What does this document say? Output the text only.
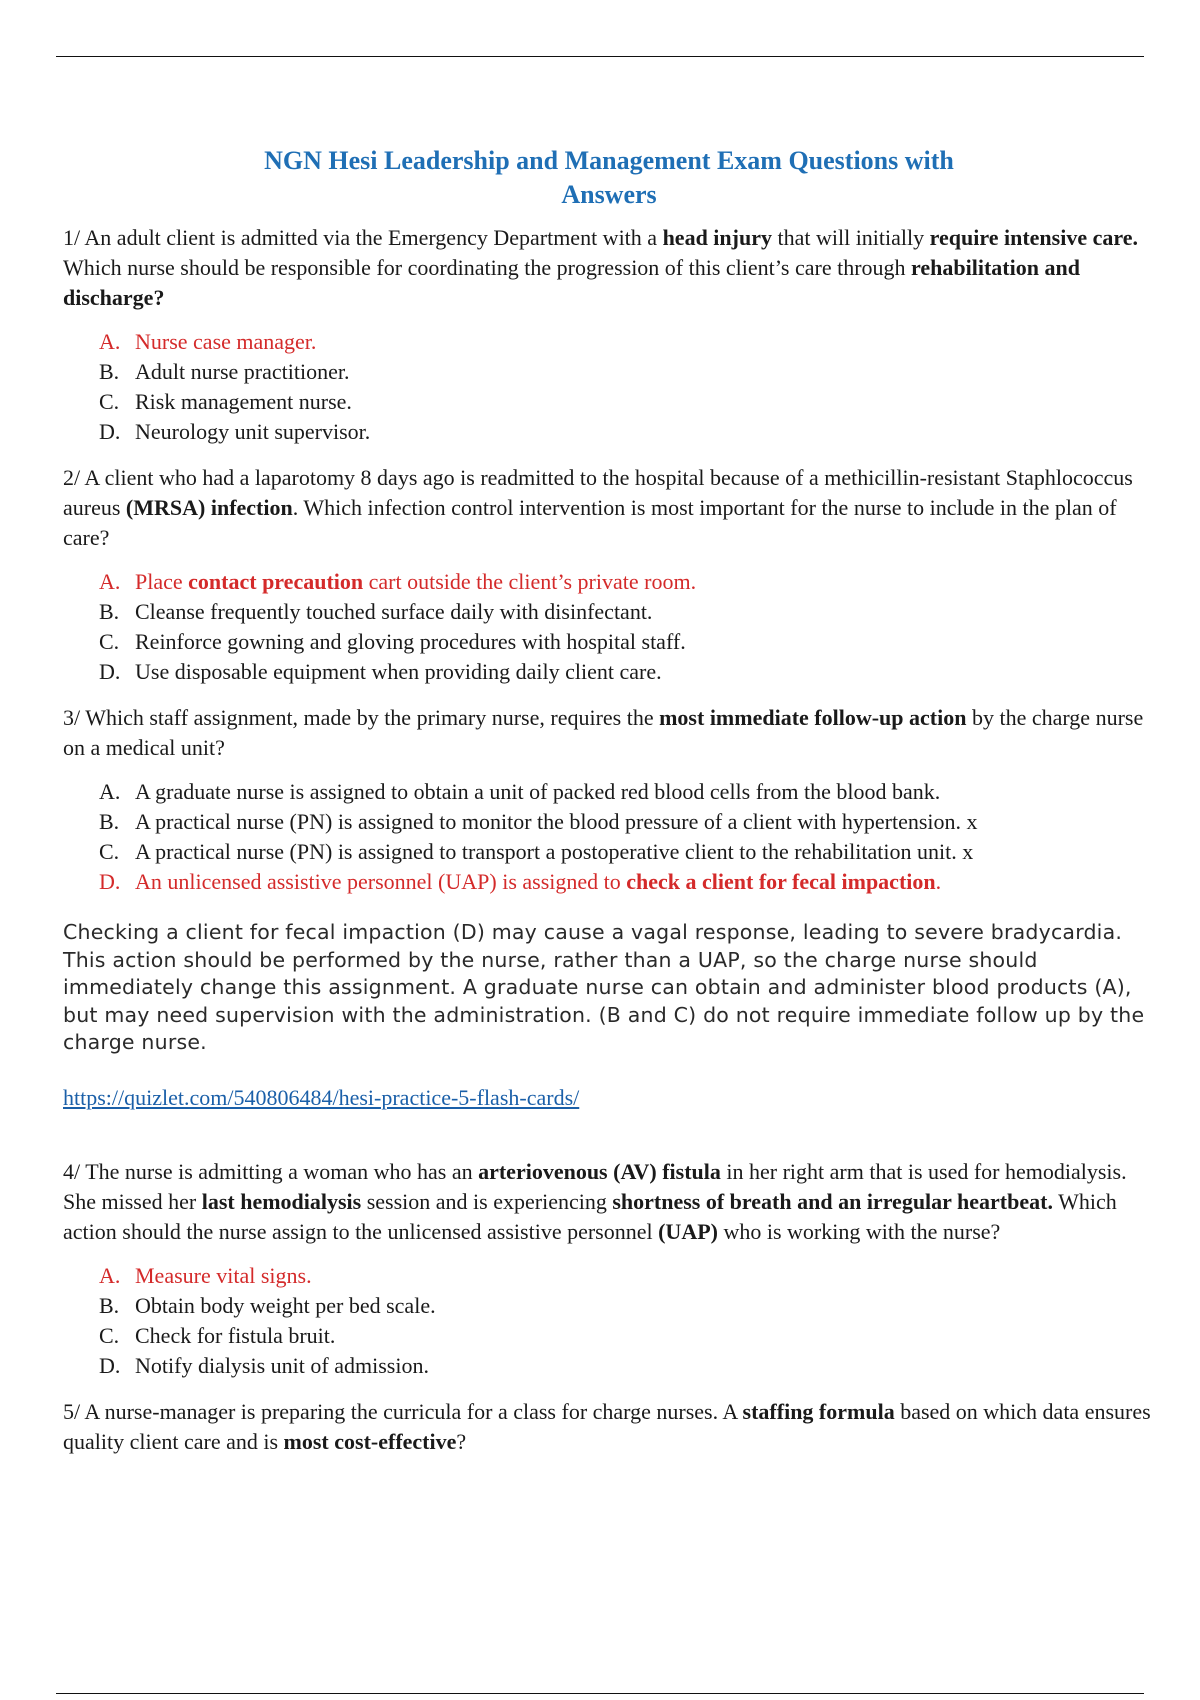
NGN Hesi Leadership and Management Exam Questions with
Answers

1/ An adult client is admitted via the Emergency Department with a head injury that will initially require intensive care. Which nurse should be responsible for coordinating the progression of this client’s care through rehabilitation and discharge?

A. Nurse case manager.
B. Adult nurse practitioner.
C. Risk management nurse.
D. Neurology unit supervisor.

2/ A client who had a laparotomy 8 days ago is readmitted to the hospital because of a methicillin-resistant Staphlococcus aureus (MRSA) infection. Which infection control intervention is most important for the nurse to include in the plan of care?

A. Place contact precaution cart outside the client’s private room.
B. Cleanse frequently touched surface daily with disinfectant.
C. Reinforce gowning and gloving procedures with hospital staff.
D. Use disposable equipment when providing daily client care.

3/ Which staff assignment, made by the primary nurse, requires the most immediate follow-up action by the charge nurse on a medical unit?

A. A graduate nurse is assigned to obtain a unit of packed red blood cells from the blood bank.
B. A practical nurse (PN) is assigned to monitor the blood pressure of a client with hypertension. x
C. A practical nurse (PN) is assigned to transport a postoperative client to the rehabilitation unit. x
D. An unlicensed assistive personnel (UAP) is assigned to check a client for fecal impaction.

Checking a client for fecal impaction (D) may cause a vagal response, leading to severe bradycardia. This action should be performed by the nurse, rather than a UAP, so the charge nurse should immediately change this assignment. A graduate nurse can obtain and administer blood products (A), but may need supervision with the administration. (B and C) do not require immediate follow up by the charge nurse.

https://quizlet.com/540806484/hesi-practice-5-flash-cards/

4/ The nurse is admitting a woman who has an arteriovenous (AV) fistula in her right arm that is used for hemodialysis. She missed her last hemodialysis session and is experiencing shortness of breath and an irregular heartbeat. Which action should the nurse assign to the unlicensed assistive personnel (UAP) who is working with the nurse?

A. Measure vital signs.
B. Obtain body weight per bed scale.
C. Check for fistula bruit.
D. Notify dialysis unit of admission.

5/ A nurse-manager is preparing the curricula for a class for charge nurses. A staffing formula based on which data ensures quality client care and is most cost-effective?
